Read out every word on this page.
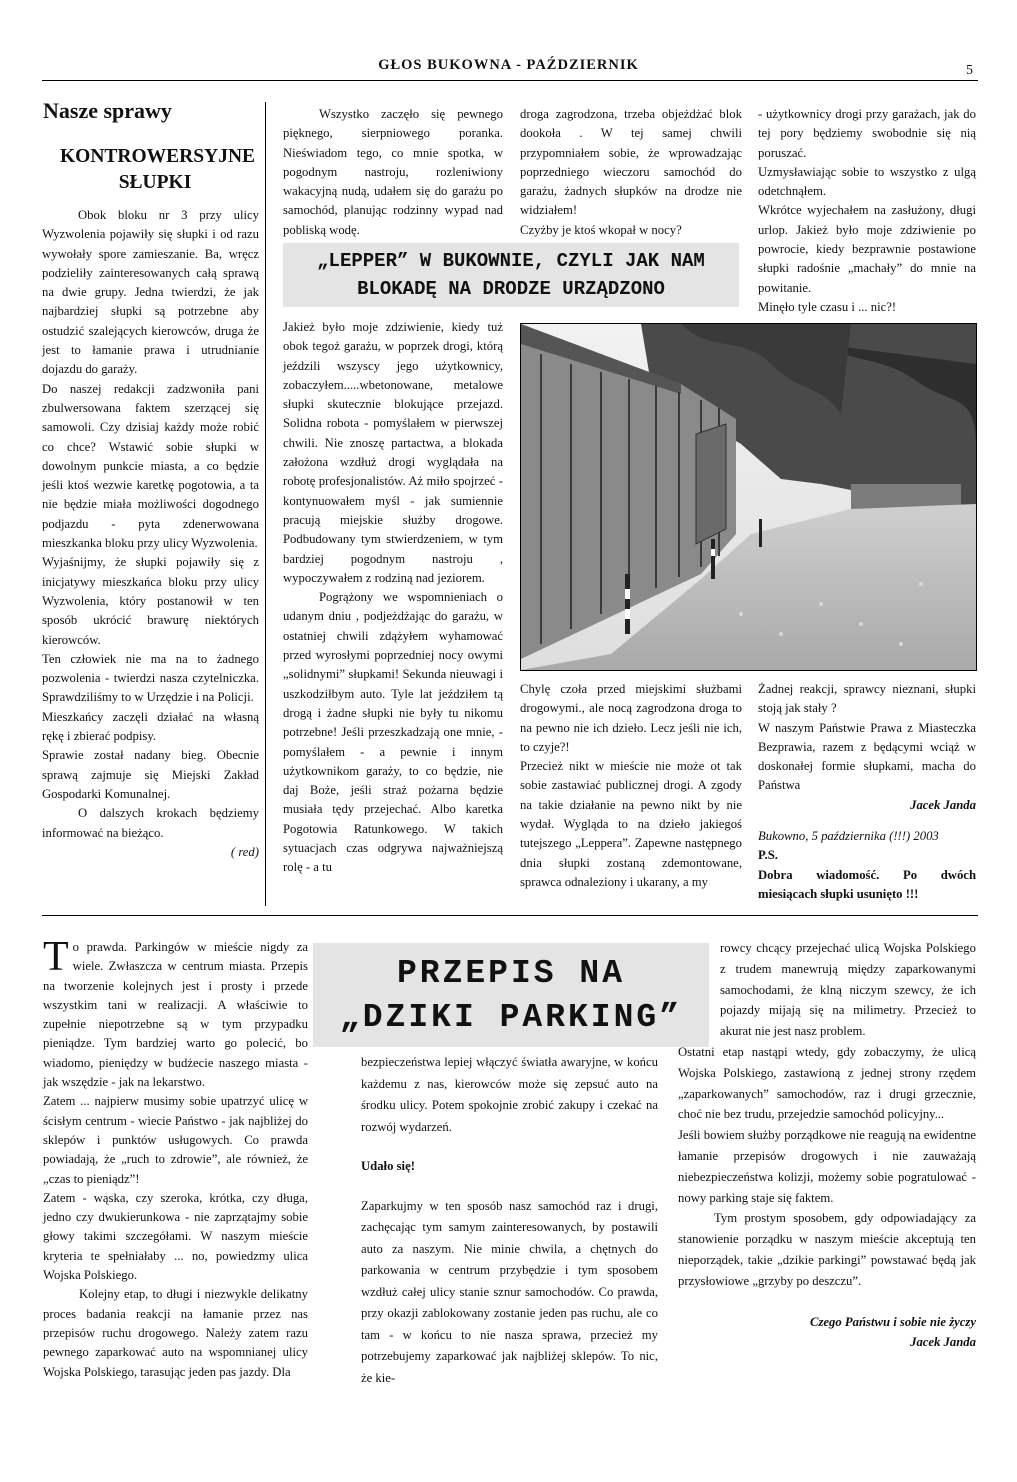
GŁOS BUKOWNA - PAŹDZIERNIK	5
Nasze sprawy
KONTROWERSYJNE SŁUPKI

Obok bloku nr 3 przy ulicy Wyzwolenia pojawiły się słupki i od razu wywołały spore zamieszanie. Ba, wręcz podzieliły zainteresowanych całą sprawą na dwie grupy. Jedna twierdzi, że jak najbardziej słupki są potrzebne aby ostudzić szalejących kierowców, druga że jest to łamanie prawa i utrudnianie dojazdu do garaży.

Do naszej redakcji zadzwoniła pani zbulwersowana faktem szerzącej się samowoli. Czy dzisiaj każdy może robić co chce? Wstawić sobie słupki w dowolnym punkcie miasta, a co będzie jeśli ktoś wezwie karetkę pogotowia, a ta nie będzie miała możliwości dogodnego podjazdu - pyta zdenerwowana mieszkanka bloku przy ulicy Wyzwolenia.

Wyjaśnijmy, że słupki pojawiły się z inicjatywy mieszkańca bloku przy ulicy Wyzwolenia, który postanowił w ten sposób ukrócić brawurę niektórych kierowców.

Ten człowiek nie ma na to żadnego pozwolenia - twierdzi nasza czytelniczka. Sprawdziliśmy to w Urzędzie i na Policji.

Mieszkańcy zaczęli działać na własną rękę i zbierać podpisy.

Sprawie został nadany bieg. Obecnie sprawą zajmuje się Miejski Zakład Gospodarki Komunalnej.

O dalszych krokach będziemy informować na bieżąco.

( red)

Wszystko zaczęło się pewnego pięknego, sierpniowego poranka. Nieświadom tego, co mnie spotka, w pogodnym nastroju, rozleniwiony wakacyjną nudą, udałem się do garażu po samochód, planując rodzinny wypad nad pobliską wodę.

droga zagrodzona, trzeba objeżdżać blok dookoła . W tej samej chwili przypomniałem sobie, że wprowadzając poprzedniego wieczoru samochód do garażu, żadnych słupków na drodze nie widziałem!

Czyżby je ktoś wkopał w nocy?

- użytkownicy drogi przy garażach, jak do tej pory będziemy swobodnie się nią poruszać.

Uzmysławiając sobie to wszystko z ulgą odetchnąłem.

Wkrótce wyjechałem na zasłużony, długi urlop. Jakież było moje zdziwienie po powrocie, kiedy bezprawnie postawione słupki radośnie „machały” do mnie na powitanie.

Minęło tyle czasu i ... nic?!

„LEPPER” W BUKOWNIE, CZYLI JAK NAM BLOKADĘ NA DRODZE URZĄDZONO

Jakież było moje zdziwienie, kiedy tuż obok tegoż garażu, w poprzek drogi, którą jeździli wszyscy jego użytkownicy, zobaczyłem.....wbetonowane, metalowe słupki skutecznie blokujące przejazd. Solidna robota - pomyślałem w pierwszej chwili. Nie znoszę partactwa, a blokada założona wzdłuż drogi wyglądała na robotę profesjonalistów. Aż miło spojrzeć - kontynuowałem myśl - jak sumiennie pracują miejskie służby drogowe. Podbudowany tym stwierdzeniem, w tym bardziej pogodnym nastroju , wypoczywałem z rodziną nad jeziorem.

Pogrążony we wspomnieniach o udanym dniu , podjeżdżając do garażu, w ostatniej chwili zdążyłem wyhamować przed wyrosłymi poprzedniej nocy owymi „solidnymi” słupkami! Sekunda nieuwagi i uszkodziłbym auto. Tyle lat jeździłem tą drogą i żadne słupki nie były tu nikomu potrzebne! Jeśli przeszkadzają one mnie, - pomyślałem - a pewnie i innym użytkownikom garaży, to co będzie, nie daj Boże, jeśli straż pożarna będzie musiała tędy przejechać. Albo karetka Pogotowia Ratunkowego. W takich sytuacjach czas odgrywa najważniejszą rolę - a tu

Chylę czoła przed miejskimi służbami drogowymi., ale nocą zagrodzona droga to na pewno nie ich dzieło. Lecz jeśli nie ich, to czyje?!

Przecież nikt w mieście nie może ot tak sobie zastawiać publicznej drogi. A zgody na takie działanie na pewno nikt by nie wydał. Wygląda to na dzieło jakiegoś tutejszego „Leppera”. Zapewne następnego dnia słupki zostaną zdemontowane, sprawca odnaleziony i ukarany, a my

Żadnej reakcji, sprawcy nieznani, słupki stoją jak stały ?

W naszym Państwie Prawa z Miasteczka Bezprawia, razem z będącymi wciąż w doskonałej formie słupkami, macha do Państwa

Jacek Janda

Bukowno, 5 października (!!!) 2003

P.S.

Dobra wiadomość. Po dwóch miesiącach słupki usunięto !!!

PRZEPIS NA
„DZIKI PARKING”
T o prawda. Parkingów w mieście nigdy za wiele. Zwłaszcza w centrum miasta. Przepis na tworzenie kolejnych jest i prosty i przede wszystkim tani w realizacji. A właściwie to zupełnie niepotrzebne są w tym przypadku pieniądze. Tym bardziej warto go polecić, bo wiadomo, pieniędzy w budżecie naszego miasta - jak wszędzie - jak na lekarstwo.

Zatem ... najpierw musimy sobie upatrzyć ulicę w ścisłym centrum - wiecie Państwo - jak najbliżej do sklepów i punktów usługowych. Co prawda powiadają, że „ruch to zdrowie”, ale również, że „czas to pieniądz”!

Zatem - wąska, czy szeroka, krótka, czy długa, jedno czy dwukierunkowa - nie zaprzątajmy sobie głowy takimi szczegółami. W naszym mieście kryteria te spełniałaby ... no, powiedzmy ulica Wojska Polskiego.

Kolejny etap, to długi i niezwykle delikatny proces badania reakcji na łamanie przez nas przepisów ruchu drogowego. Należy zatem razu pewnego zaparkować auto na wspomnianej ulicy Wojska Polskiego, tarasując jeden pas jazdy. Dla

bezpieczeństwa lepiej włączyć światła awaryjne, w końcu każdemu z nas, kierowców może się zepsuć auto na środku ulicy. Potem spokojnie zrobić zakupy i czekać na rozwój wydarzeń.

Udało się!

Zaparkujmy w ten sposób nasz samochód raz i drugi, zachęcając tym samym zainteresowanych, by postawili auto za naszym. Nie minie chwila, a chętnych do parkowania w centrum przybędzie i tym sposobem wzdłuż całej ulicy stanie sznur samochodów. Co prawda, przy okazji zablokowany zostanie jeden pas ruchu, ale co tam - w końcu to nie nasza sprawa, przecież my potrzebujemy zaparkować jak najbliżej sklepów. To nic, że kie-

rowcy chcący przejechać ulicą Wojska Polskiego z trudem manewrują między zaparkowanymi samochodami, że klną niczym szewcy, że ich pojazdy mijają się na milimetry. Przecież to akurat nie jest nasz problem.

Ostatni etap nastąpi wtedy, gdy zobaczymy, że ulicą Wojska Polskiego, zastawioną z jednej strony rzędem „zaparkowanych” samochodów, raz i drugi grzecznie, choć nie bez trudu, przejedzie samochód policyjny...

Jeśli bowiem służby porządkowe nie reagują na ewidentne łamanie przepisów drogowych i nie zauważają niebezpieczeństwa kolizji, możemy sobie pogratulować - nowy parking staje się faktem.

Tym prostym sposobem, gdy odpowiadający za stanowienie porządku w naszym mieście akceptują ten nieporządek, takie „dzikie parkingi” powstawać będą jak przysłowiowe „grzyby po deszczu”.

Czego Państwu i sobie nie życzy

Jacek Janda
